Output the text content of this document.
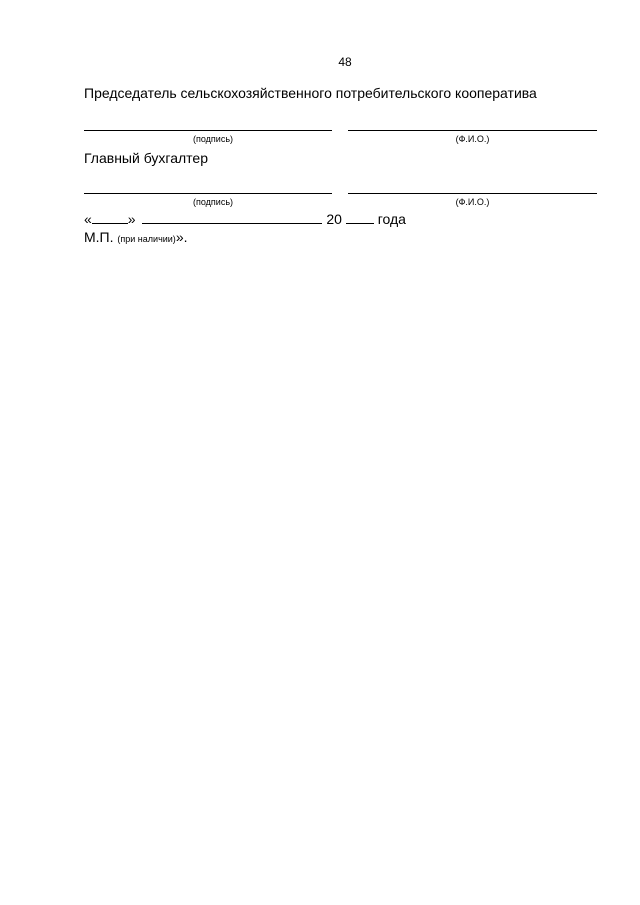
48
Председатель сельскохозяйственного потребительского кооператива
(подпись)	(Ф.И.О.)
Главный бухгалтер
(подпись)	(Ф.И.О.)
«	»	20	года
М.П. (при наличии)».
